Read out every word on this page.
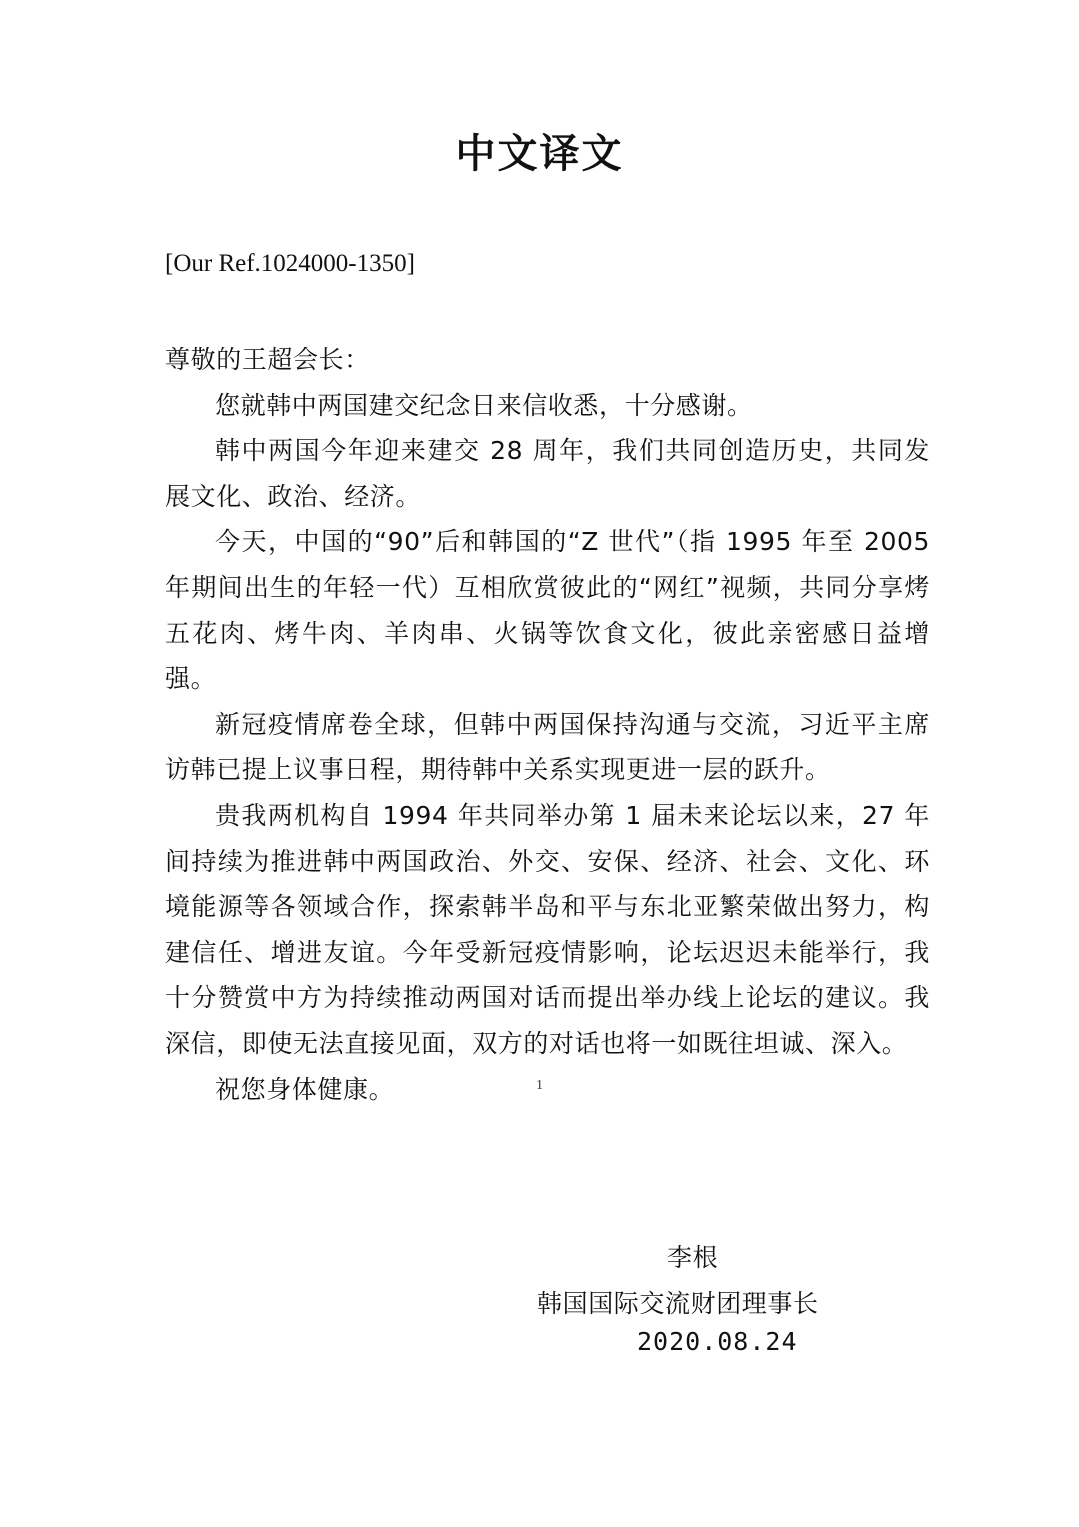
中文译文
[Our Ref.1024000-1350]

尊敬的王超会长：

您就韩中两国建交纪念日来信收悉，十分感谢。

韩中两国今年迎来建交 28 周年，我们共同创造历史，共同发展文化、政治、经济。

今天，中国的“90”后和韩国的“Z 世代”（指 1995 年至 2005 年期间出生的年轻一代）互相欣赏彼此的“网红”视频，共同分享烤五花肉、烤牛肉、羊肉串、火锅等饮食文化，彼此亲密感日益增强。

新冠疫情席卷全球，但韩中两国保持沟通与交流，习近平主席访韩已提上议事日程，期待韩中关系实现更进一层的跃升。

贵我两机构自 1994 年共同举办第 1 届未来论坛以来，27 年间持续为推进韩中两国政治、外交、安保、经济、社会、文化、环境能源等各领域合作，探索韩半岛和平与东北亚繁荣做出努力，构建信任、增进友谊。今年受新冠疫情影响，论坛迟迟未能举行，我十分赞赏中方为持续推动两国对话而提出举办线上论坛的建议。我深信，即使无法直接见面，双方的对话也将一如既往坦诚、深入。

祝您身体健康。

李根
韩国国际交流财团理事长
2020.08.24
1
